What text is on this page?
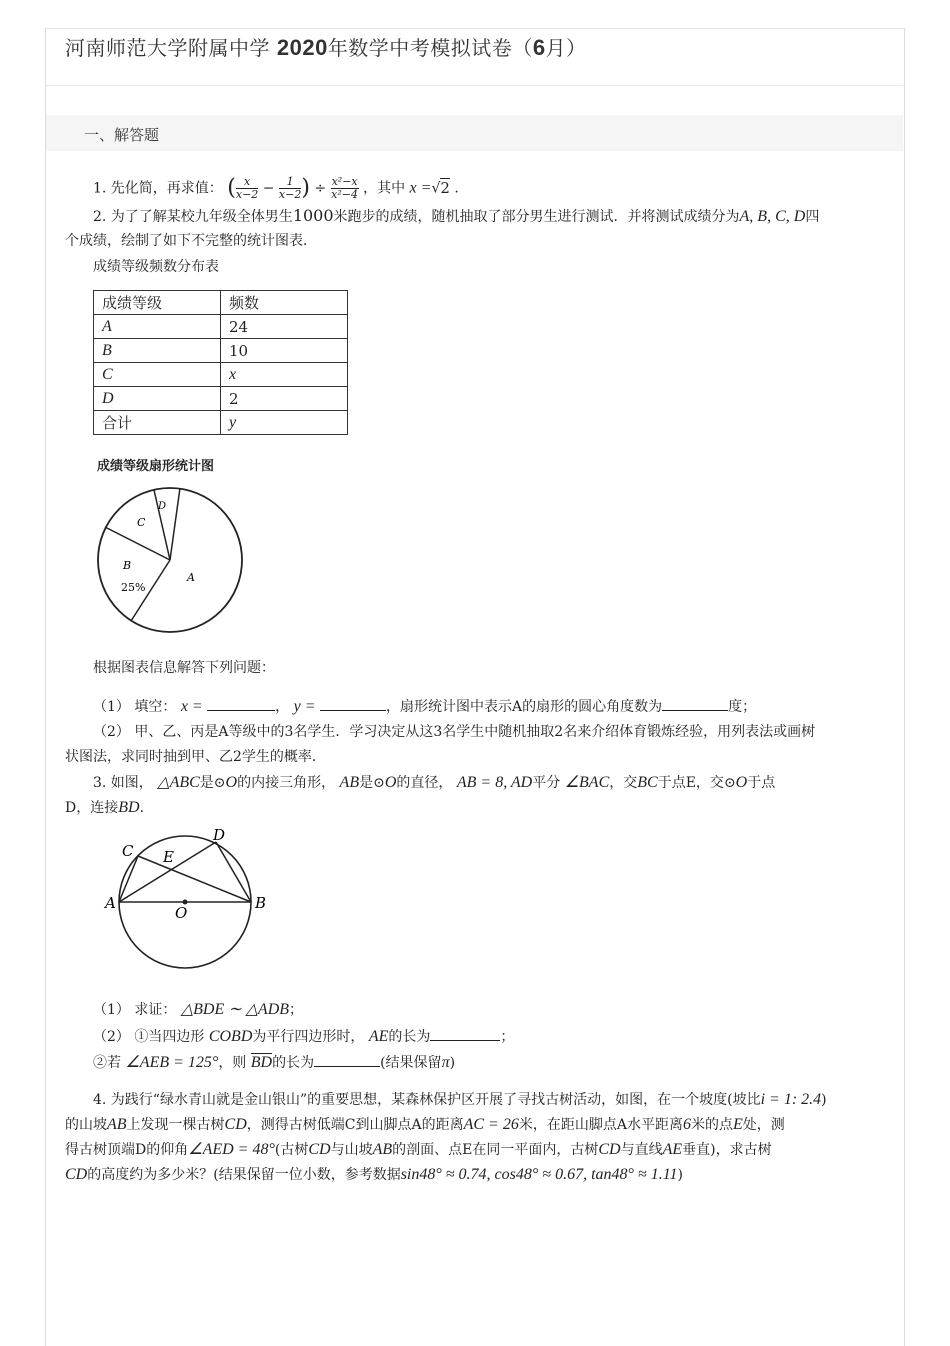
河南师范大学附属中学 2020年数学中考模拟试卷（6月）
一、解答题
1. 先化简，再求值： ( $\frac{x}{x-2} - \frac{1}{x-2}$ ) ÷ $\frac{\text{x²−x}}{\text{x²−4}}$ ，其中 x =√2 .
2. 为了了解某校九年级全体男生1000米跑步的成绩，随机抽取了部分男生进行测试．并将测试成绩分为A, B, C, D四
个成绩，绘制了如下不完整的统计图表．
成绩等级频数分布表
成绩等级	频数
A	24
B	10
C	x
D	2
合计	y
成绩等级扇形统计图
A
B
25%
C
D
根据图表信息解答下列问题：
（1） 填空： x =	， y =	，扇形统计图中表示A的扇形的圆心角度数为	度；
（2） 甲、乙、丙是A等级中的3名学生．学习决定从这3名学生中随机抽取2名来介绍体育锻炼经验，用列表法或画树
状图法，求同时抽到甲、乙2学生的概率．
3. 如图， △ABC是⊙O的内接三角形， AB是⊙O的直径， AB = 8, AD平分 ∠BAC，交BC于点E，交⊙O于点
D，连接BD.
C E
D
A
O
B
（1） 求证： △BDE ∼ △ADB；
（2） ①当四边形 COBD为平行四边形时， AE的长为	；
②若 ∠AEB = 125°，则 BD的长为	(结果保留π)
4. 为践行“绿水青山就是金山银山”的重要思想，某森林保护区开展了寻找古树活动，如图，在一个坡度(坡比i = 1: 2.4)
的山坡AB上发现一棵古树CD，测得古树低端C到山脚点A的距离AC = 26米，在距山脚点A水平距离6米的点E处，测
得古树顶端D的仰角∠AED = 48°(古树CD与山坡AB的剖面、点E在同一平面内，古树CD与直线AE垂直)，求古树
CD的高度约为多少米？(结果保留一位小数，参考数据sin48° ≈ 0.74, cos48° ≈ 0.67, tan48° ≈ 1.11)
